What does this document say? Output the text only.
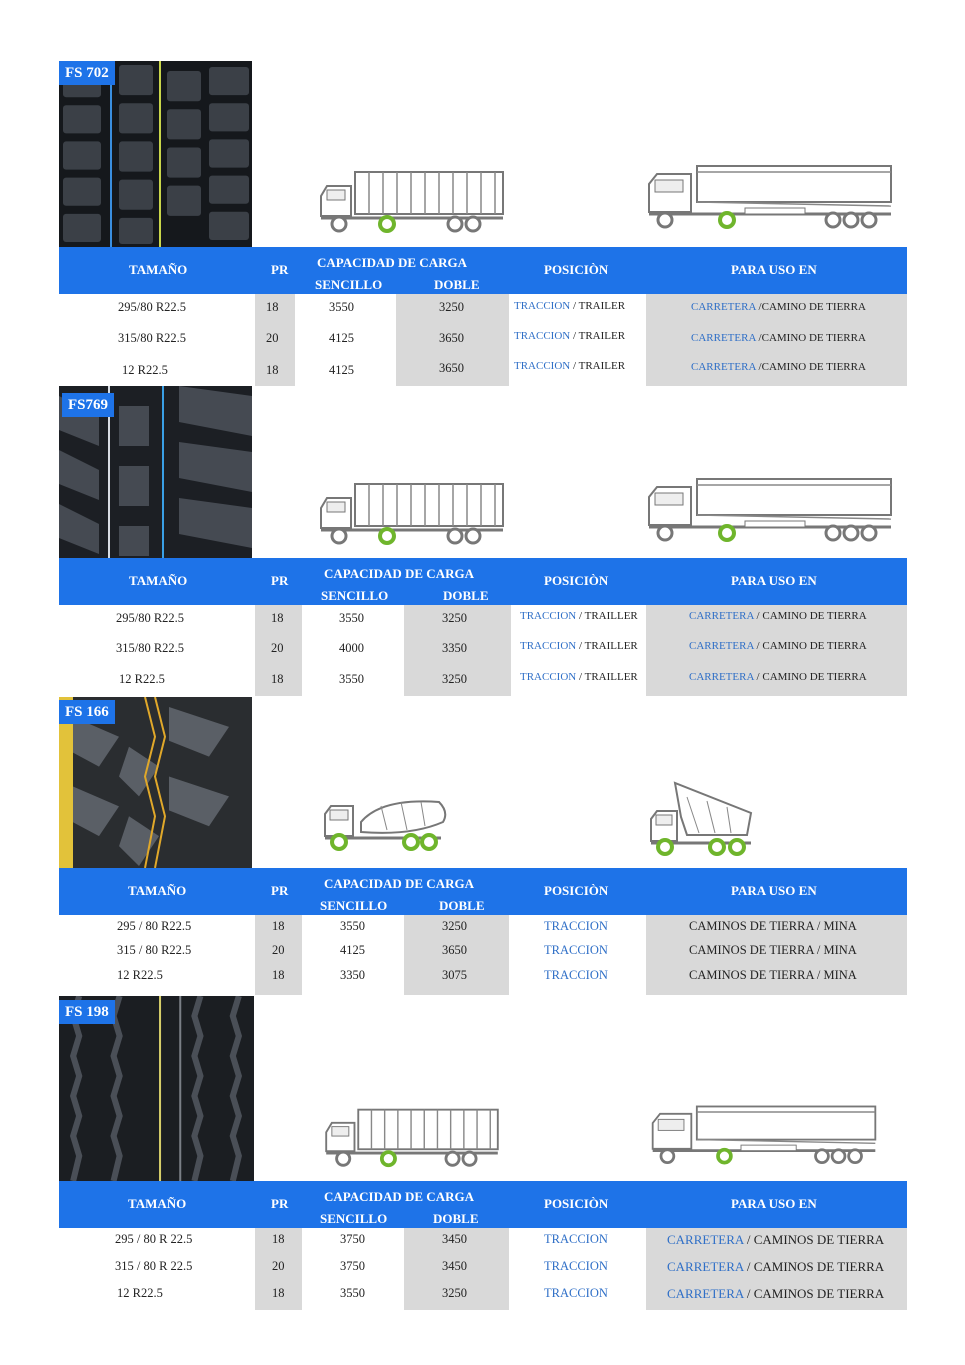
FS 702
TAMAÑO	PR CAPACIDAD DE CARGA
SENCILLO	DOBLE
POSICIÒN	PARA USO EN
295/80 R22.5	18	3550	3250	TRACCION / TRAILER	CARRETERA /CAMINO DE TIERRA
315/80 R22.5	20	4125	3650	TRACCION / TRAILER	CARRETERA /CAMINO DE TIERRA
12 R22.5	18	4125	3650	TRACCION / TRAILER	CARRETERA /CAMINO DE TIERRA
FS769
TAMAÑO	PR	CAPACIDAD DE CARGA
SENCILLO	DOBLE
POSICIÒN	PARA USO EN
295/80 R22.5	18	3550	3250	TRACCION / TRAILLER	CARRETERA / CAMINO DE TIERRA
315/80 R22.5	20	4000	3350	TRACCION / TRAILLER	CARRETERA / CAMINO DE TIERRA
12 R22.5	18	3550	3250	TRACCION / TRAILLER	CARRETERA / CAMINO DE TIERRA
FS 166
TAMAÑO	PR	CAPACIDAD DE CARGA
SENCILLO	DOBLE
POSICIÒN	PARA USO EN
295 / 80 R22.5	18	3550	3250	TRACCION	CAMINOS DE TIERRA / MINA
315 / 80 R22.5	20	4125	3650	TRACCION	CAMINOS DE TIERRA / MINA
12 R22.5	18	3350	3075	TRACCION	CAMINOS DE TIERRA / MINA
FS 198
TAMAÑO	PR	CAPACIDAD DE CARGA
SENCILLO	DOBLE
POSICIÒN	PARA USO EN
295 / 80 R 22.5	18	3750	3450	TRACCION	CARRETERA / CAMINOS DE TIERRA
315 / 80 R 22.5	20	3750	3450	TRACCION	CARRETERA / CAMINOS DE TIERRA
12 R22.5	18	3550	3250	TRACCION	CARRETERA / CAMINOS DE TIERRA
